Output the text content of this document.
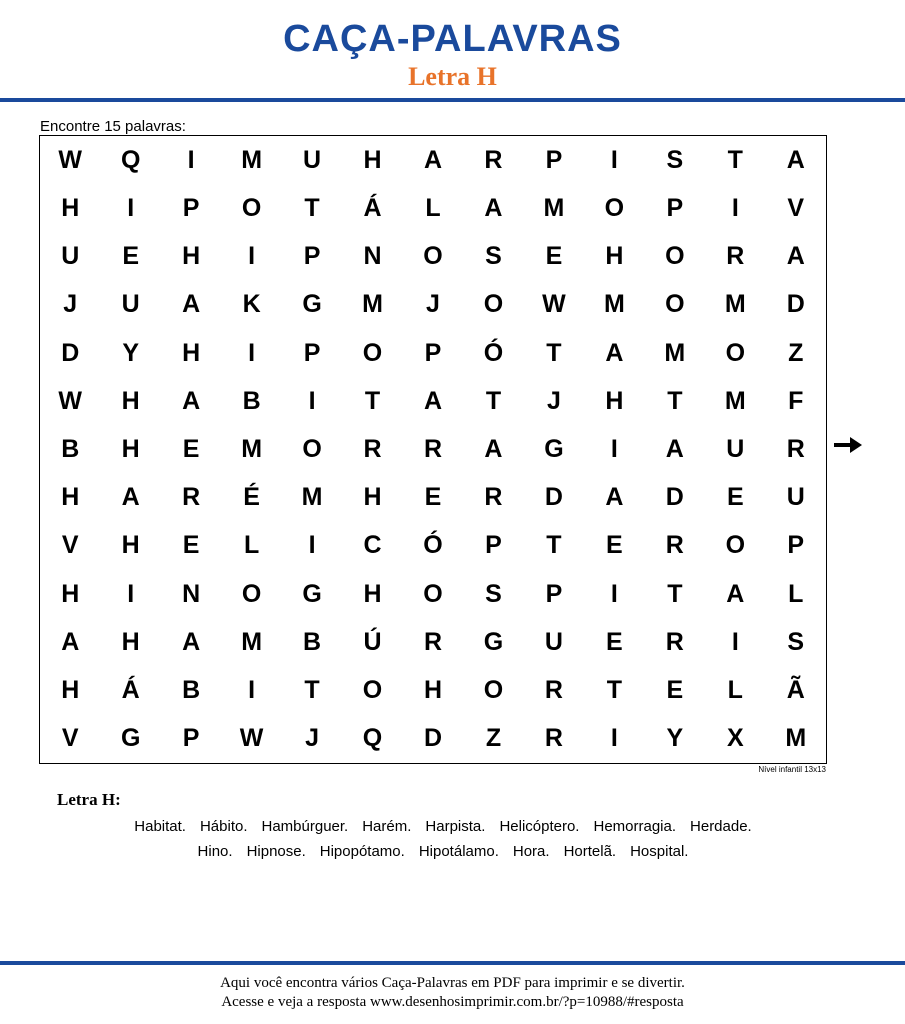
CAÇA-PALAVRAS
Letra H
Encontre 15 palavras:
W	Q	I	M	U	H	A	R	P	I	S	T	A
H	I	P	O	T	Á	L	A	M	O	P	I	V
U	E	H	I	P	N	O	S	E	H	O	R	A
J	U	A	K	G	M	J	O	W	M	O	M	D
D	Y	H	I	P	O	P	Ó	T	A	M	O	Z
W	H	A	B	I	T	A	T	J	H	T	M	F
B	H	E	M	O	R	R	A	G	I	A	U	R
H	A	R	É	M	H	E	R	D	A	D	E	U
V	H	E	L	I	C	Ó	P	T	E	R	O	P
H	I	N	O	G	H	O	S	P	I	T	A	L
A	H	A	M	B	Ú	R	G	U	E	R	I	S
H	Á	B	I	T	O	H	O	R	T	E	L	Ã
V	G	P	W	J	Q	D	Z	R	I	Y	X	M
Nível infantil 13x13
Letra H:
Habitat. Hábito. Hambúrguer. Harém. Harpista. Helicóptero. Hemorragia. Herdade.
Hino. Hipnose. Hipopótamo. Hipotálamo. Hora. Hortelã. Hospital.
Aqui você encontra vários Caça-Palavras em PDF para imprimir e se divertir.
Acesse e veja a resposta www.desenhosimprimir.com.br/?p=10988/#resposta
